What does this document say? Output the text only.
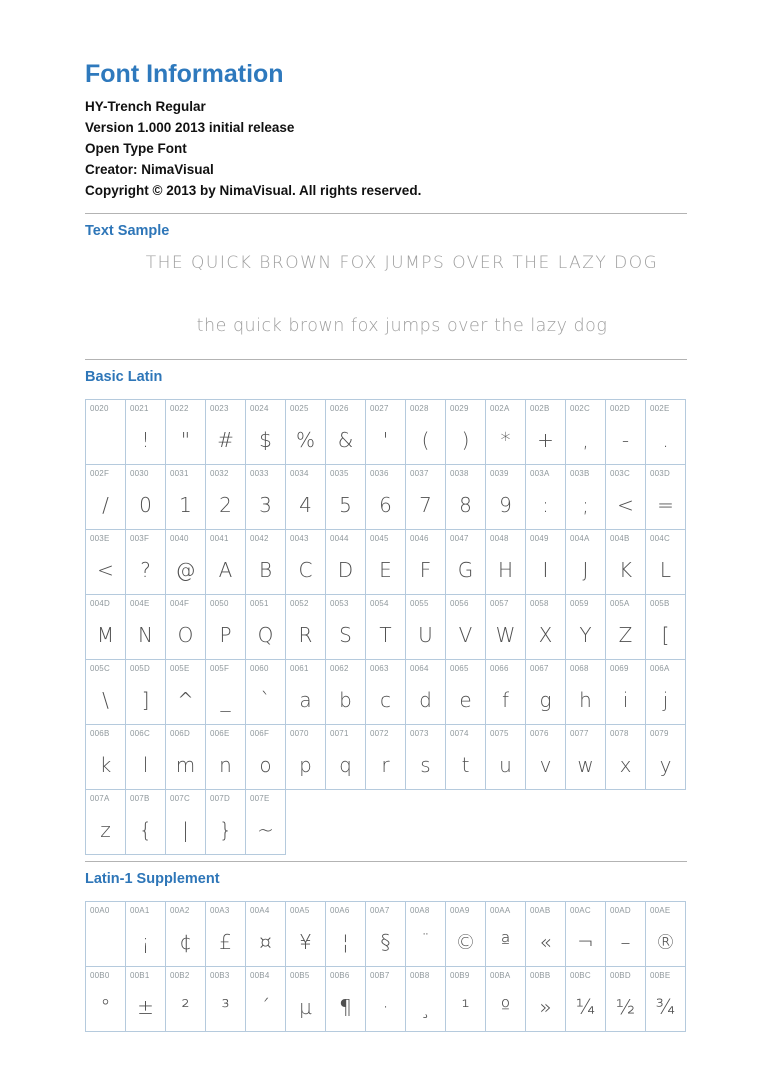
Font Information
HY-Trench Regular
Version 1.000 2013 initial release
Open Type Font
Creator: NimaVisual
Copyright © 2013 by NimaVisual. All rights reserved.
Text Sample
THE QUICK BROWN FOX JUMPS OVER THE LAZY DOG
the quick brown fox jumps over the lazy dog
Basic Latin
0020	0021
!
0022
"
0023
#
0024
$
0025
%
0026
&
0027
'
0028
(
0029
)
002A
*
002B
+
002C
,
002D
-
002E
.
002F
/
0030
0
0031
1
0032
2
0033
3
0034
4
0035
5
0036
6
0037
7
0038
8
0039
9
003A
:
003B
;
003C
<
003D
=
003E
<
003F
?
0040
@
0041
A
0042
B
0043
C
0044
D
0045
E
0046
F
0047
G
0048
H
0049
I
004A
J
004B
K
004C
L
004D
M
004E
N
004F
O
0050
P
0051
Q
0052
R
0053
S
0054
T
0055
U
0056
V
0057
W
0058
X
0059
Y
005A
Z
005B
[
005C
\
005D
]
005E
^
005F
_
0060
`
0061
a
0062
b
0063
c
0064
d
0065
e
0066
f
0067
g
0068
h
0069
i
006A
j
006B
k
006C
l
006D
m
006E
n
006F
o
0070
p
0071
q
0072
r
0073
s
0074
t
0075
u
0076
v
0077
w
0078
x
0079
y
007A
z
007B
{
007C
|
007D
}
007E
~
Latin-1 Supplement
00A0	00A1
¡
00A2
¢
00A3
£
00A4
¤
00A5
¥
00A6
¦
00A7
§
00A8
¨
00A9
©
00AA
ª
00AB
«
00AC
¬
00AD
–
00AE
®
00B0
°
00B1
±
00B2
²
00B3
³
00B4
´
00B5
µ
00B6
¶
00B7
·
00B8
¸
00B9
¹
00BA
º
00BB
»
00BC
¼
00BD
½
00BE
¾
